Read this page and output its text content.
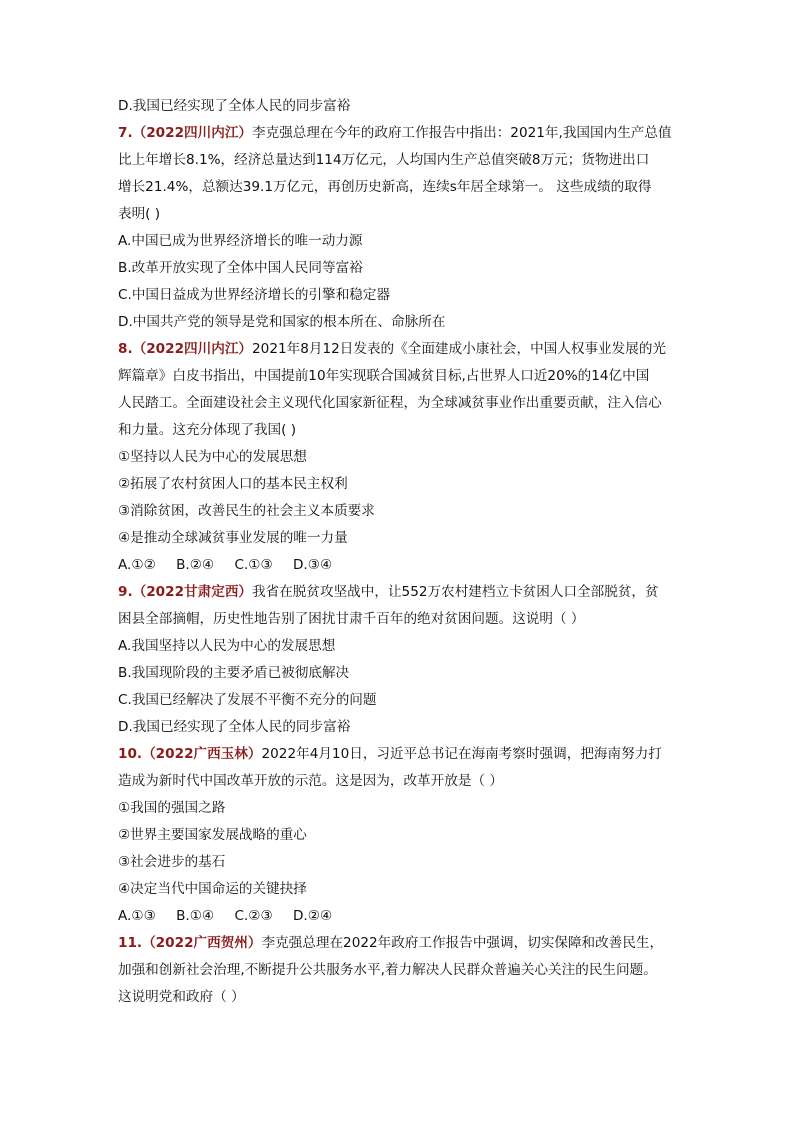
D.我国已经实现了全体人民的同步富裕
7.（2022四川内江）李克强总理在今年的政府工作报告中指出：2021年,我国国内生产总值
比上年增长8.1%，经济总量达到114万亿元，人均国内生产总值突破8万元；货物进出口
增长21.4%，总额达39.1万亿元，再创历史新高，连续s年居全球第一。 这些成绩的取得
表明( )
A.中国已成为世界经济增长的唯一动力源
B.改革开放实现了全体中国人民同等富裕
C.中国日益成为世界经济增长的引擎和稳定器
D.中国共产党的领导是党和国家的根本所在、命脉所在
8.（2022四川内江）2021年8月12日发表的《全面建成小康社会，中国人权事业发展的光
辉篇章》白皮书指出，中国提前10年实现联合国减贫目标,占世界人口近20%的14亿中国
人民踏工。全面建设社会主义现代化国家新征程，为全球减贫事业作出重要贡献，注入信心
和力量。这充分体现了我国( )
①坚持以人民为中心的发展思想
②拓展了农村贫困人口的基本民主权利
③消除贫困，改善民生的社会主义本质要求
④是推动全球减贫事业发展的唯一力量
A.①② B.②④ C.①③ D.③④
9.（2022甘肃定西）我省在脱贫攻坚战中，让552万农村建档立卡贫困人口全部脱贫，贫
困县全部摘帽，历史性地告别了困扰甘肃千百年的绝对贫困问题。这说明（ ）
A.我国坚持以人民为中心的发展思想
B.我国现阶段的主要矛盾已被彻底解决
C.我国已经解决了发展不平衡不充分的问题
D.我国已经实现了全体人民的同步富裕
10.（2022广西玉林）2022年4月10日，习近平总书记在海南考察时强调，把海南努力打
造成为新时代中国改革开放的示范。这是因为，改革开放是（ ）
①我国的强国之路
②世界主要国家发展战略的重心
③社会进步的基石
④决定当代中国命运的关键抉择
A.①③ B.①④ C.②③ D.②④
11.（2022广西贺州）李克强总理在2022年政府工作报告中强调，切实保障和改善民生，
加强和创新社会治理,不断提升公共服务水平,着力解决人民群众普遍关心关注的民生问题。
这说明党和政府（ ）
